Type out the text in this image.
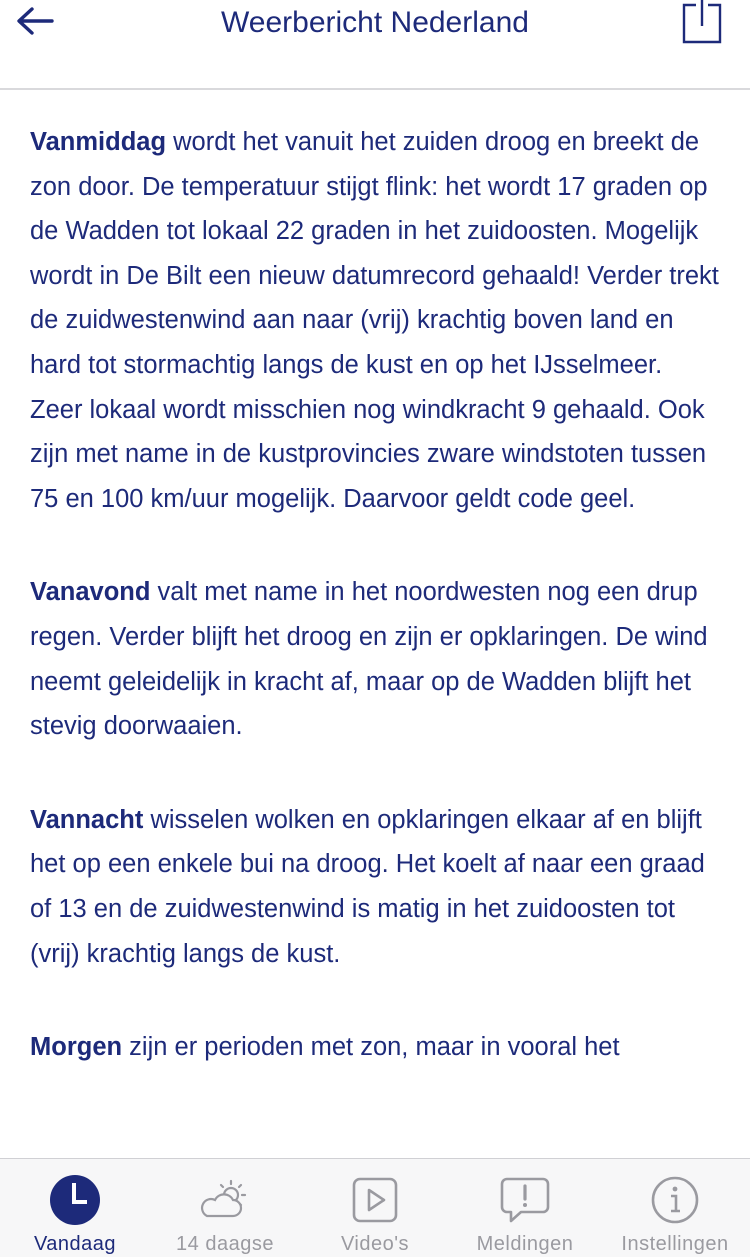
Weerbericht Nederland

Vanmiddag wordt het vanuit het zuiden droog en breekt de zon door. De temperatuur stijgt flink: het wordt 17 graden op de Wadden tot lokaal 22 graden in het zuidoosten. Mogelijk wordt in De Bilt een nieuw datumrecord gehaald! Verder trekt de zuidwestenwind aan naar (vrij) krachtig boven land en hard tot stormachtig langs de kust en op het IJsselmeer. Zeer lokaal wordt misschien nog windkracht 9 gehaald. Ook zijn met name in de kustprovincies zware windstoten tussen 75 en 100 km/uur mogelijk. Daarvoor geldt code geel.

Vanavond valt met name in het noordwesten nog een drup regen. Verder blijft het droog en zijn er opklaringen. De wind neemt geleidelijk in kracht af, maar op de Wadden blijft het stevig doorwaaien.

Vannacht wisselen wolken en opklaringen elkaar af en blijft het op een enkele bui na droog. Het koelt af naar een graad of 13 en de zuidwestenwind is matig in het zuidoosten tot (vrij) krachtig langs de kust.

Morgen zijn er perioden met zon, maar in vooral het

Vandaag	14 daagse	Video's	Meldingen Instellingen
